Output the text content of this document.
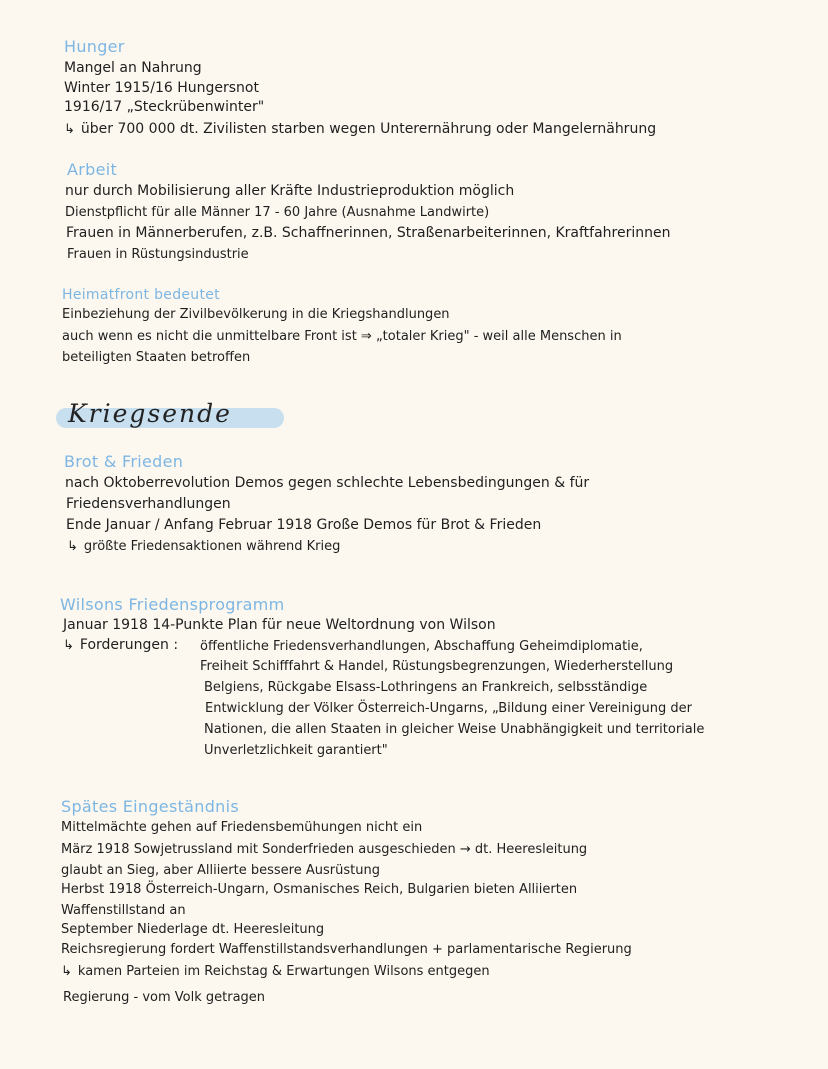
Hunger

Mangel an Nahrung

Winter 1915/16 Hungersnot

1916/17 „Steckrübenwinter"

↳ über 700 000 dt. Zivilisten starben wegen Unterernährung oder Mangelernährung

Arbeit

nur durch Mobilisierung aller Kräfte Industrieproduktion möglich

Dienstpflicht für alle Männer 17 - 60 Jahre (Ausnahme Landwirte)

Frauen in Männerberufen, z.B. Schaffnerinnen, Straßenarbeiterinnen, Kraftfahrerinnen

Frauen in Rüstungsindustrie

Heimatfront bedeutet

Einbeziehung der Zivilbevölkerung in die Kriegshandlungen

auch wenn es nicht die unmittelbare Front ist ⇒ „totaler Krieg" - weil alle Menschen in

beteiligten Staaten betroffen

Kriegsende

Brot & Frieden

nach Oktoberrevolution Demos gegen schlechte Lebensbedingungen & für

Friedensverhandlungen

Ende Januar / Anfang Februar 1918 Große Demos für Brot & Frieden

↳ größte Friedensaktionen während Krieg

Wilsons Friedensprogramm

Januar 1918 14-Punkte Plan für neue Weltordnung von Wilson

↳ Forderungen : öffentliche Friedensverhandlungen, Abschaffung Geheimdiplomatie,

Freiheit Schifffahrt & Handel, Rüstungsbegrenzungen, Wiederherstellung

Belgiens, Rückgabe Elsass-Lothringens an Frankreich, selbsständige

Entwicklung der Völker Österreich-Ungarns, „Bildung einer Vereinigung der

Nationen, die allen Staaten in gleicher Weise Unabhängigkeit und territoriale

Unverletzlichkeit garantiert"

Spätes Eingeständnis

Mittelmächte gehen auf Friedensbemühungen nicht ein

März 1918 Sowjetrussland mit Sonderfrieden ausgeschieden → dt. Heeresleitung

glaubt an Sieg, aber Alliierte bessere Ausrüstung

Herbst 1918 Österreich-Ungarn, Osmanisches Reich, Bulgarien bieten Alliierten

Waffenstillstand an

September Niederlage dt. Heeresleitung

Reichsregierung fordert Waffenstillstandsverhandlungen + parlamentarische Regierung

↳ kamen Parteien im Reichstag & Erwartungen Wilsons entgegen

Regierung - vom Volk getragen
